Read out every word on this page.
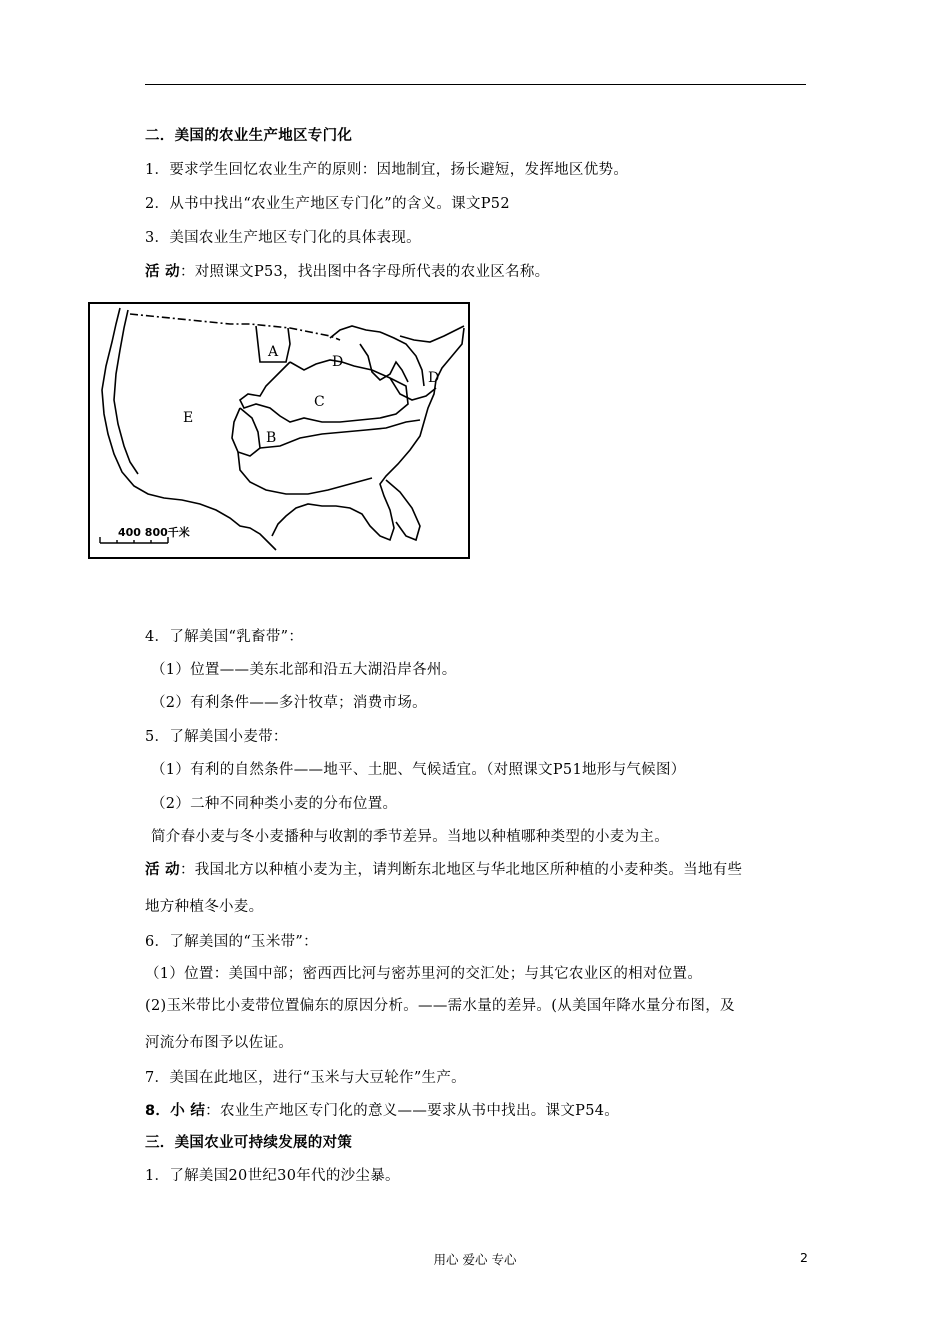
二．美国的农业生产地区专门化
1．要求学生回忆农业生产的原则：因地制宜，扬长避短，发挥地区优势。
2．从书中找出“农业生产地区专门化”的含义。课文P52
3．美国农业生产地区专门化的具体表现。
活 动：对照课文P53，找出图中各字母所代表的农业区名称。
A
B
C
D
D
E
400 800千米
4．了解美国“乳畜带”：
（1）位置——美东北部和沿五大湖沿岸各州。
（2）有利条件——多汁牧草；消费市场。
5．了解美国小麦带：
（1）有利的自然条件——地平、土肥、气候适宜。（对照课文P51地形与气候图）
（2）二种不同种类小麦的分布位置。
简介春小麦与冬小麦播种与收割的季节差异。当地以种植哪种类型的小麦为主。
活 动：我国北方以种植小麦为主，请判断东北地区与华北地区所种植的小麦种类。当地有些
地方种植冬小麦。
6．了解美国的“玉米带”：
（1）位置：美国中部；密西西比河与密苏里河的交汇处；与其它农业区的相对位置。
(2)玉米带比小麦带位置偏东的原因分析。——需水量的差异。(从美国年降水量分布图，及
河流分布图予以佐证。
7．美国在此地区，进行“玉米与大豆轮作”生产。
8．小 结：农业生产地区专门化的意义——要求从书中找出。课文P54。
三．美国农业可持续发展的对策
1．了解美国20世纪30年代的沙尘暴。
用心 爱心 专心	2
